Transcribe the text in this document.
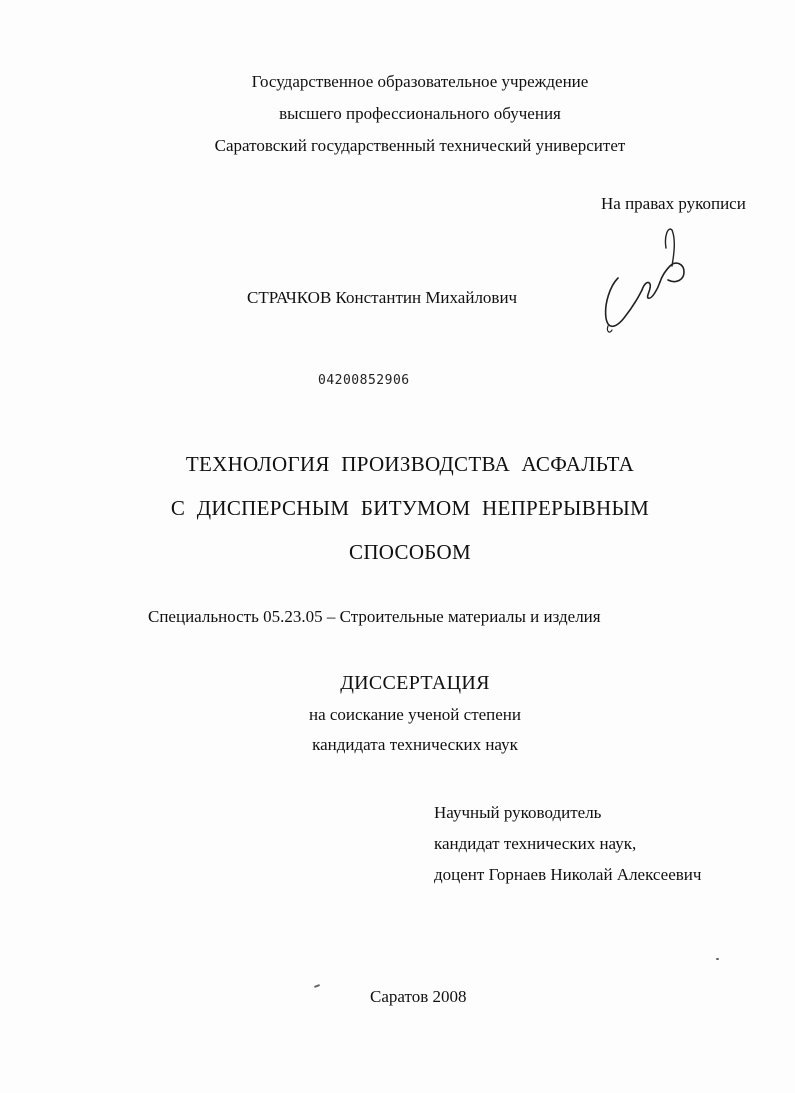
Государственное образовательное учреждение
высшего профессионального обучения
Саратовский государственный технический университет
На правах рукописи
СТРАЧКОВ Константин Михайлович
04200852906
ТЕХНОЛОГИЯ ПРОИЗВОДСТВА АСФАЛЬТА
С ДИСПЕРСНЫМ БИТУМОМ НЕПРЕРЫВНЫМ
СПОСОБОМ
Специальность 05.23.05 – Строительные материалы и изделия
ДИССЕРТАЦИЯ
на соискание ученой степени
кандидата технических наук
Научный руководитель
кандидат технических наук,
доцент Горнаев Николай Алексеевич
Саратов 2008
